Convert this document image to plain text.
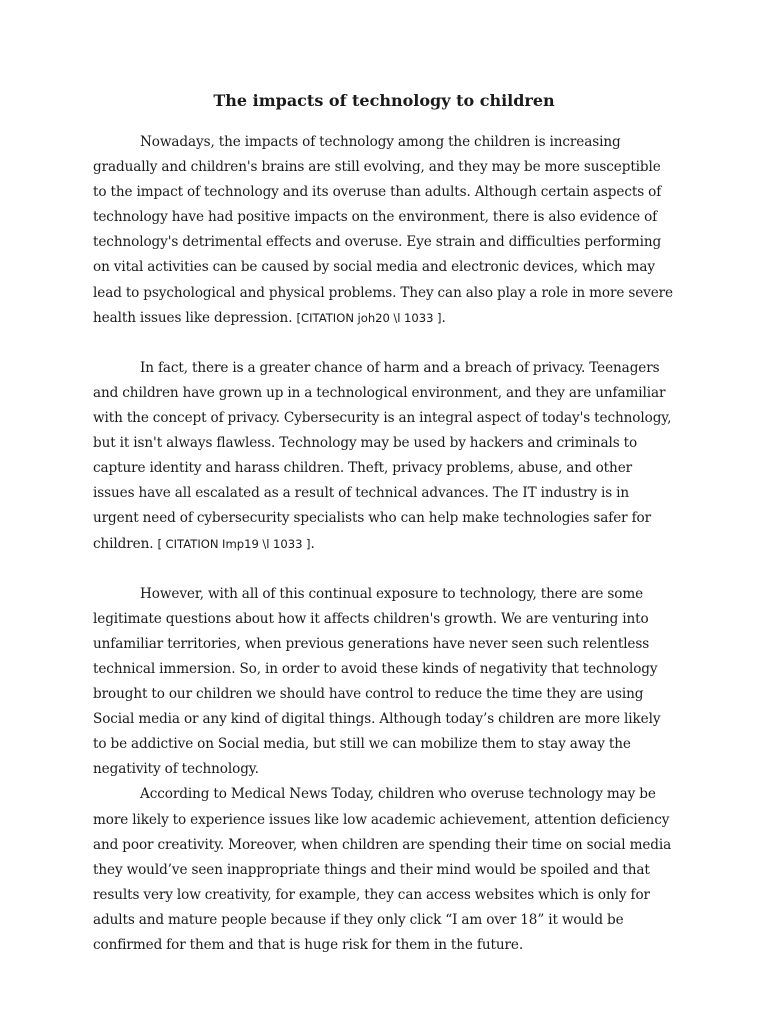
The impacts of technology to children

Nowadays, the impacts of technology among the children is increasing gradually and children's brains are still evolving, and they may be more susceptible to the impact of technology and its overuse than adults. Although certain aspects of technology have had positive impacts on the environment, there is also evidence of technology's detrimental effects and overuse. Eye strain and difficulties performing on vital activities can be caused by social media and electronic devices, which may lead to psychological and physical problems. They can also play a role in more severe health issues like depression. [CITATION joh20 \l 1033 ].

In fact, there is a greater chance of harm and a breach of privacy. Teenagers and children have grown up in a technological environment, and they are unfamiliar with the concept of privacy. Cybersecurity is an integral aspect of today's technology, but it isn't always flawless. Technology may be used by hackers and criminals to capture identity and harass children. Theft, privacy problems, abuse, and other issues have all escalated as a result of technical advances. The IT industry is in urgent need of cybersecurity specialists who can help make technologies safer for children. [ CITATION Imp19 \l 1033 ].

However, with all of this continual exposure to technology, there are some legitimate questions about how it affects children's growth. We are venturing into unfamiliar territories, when previous generations have never seen such relentless technical immersion. So, in order to avoid these kinds of negativity that technology brought to our children we should have control to reduce the time they are using Social media or any kind of digital things. Although today’s children are more likely to be addictive on Social media, but still we can mobilize them to stay away the negativity of technology.

According to Medical News Today, children who overuse technology may be more likely to experience issues like low academic achievement, attention deficiency and poor creativity. Moreover, when children are spending their time on social media they would’ve seen inappropriate things and their mind would be spoiled and that results very low creativity, for example, they can access websites which is only for adults and mature people because if they only click “I am over 18” it would be confirmed for them and that is huge risk for them in the future.
